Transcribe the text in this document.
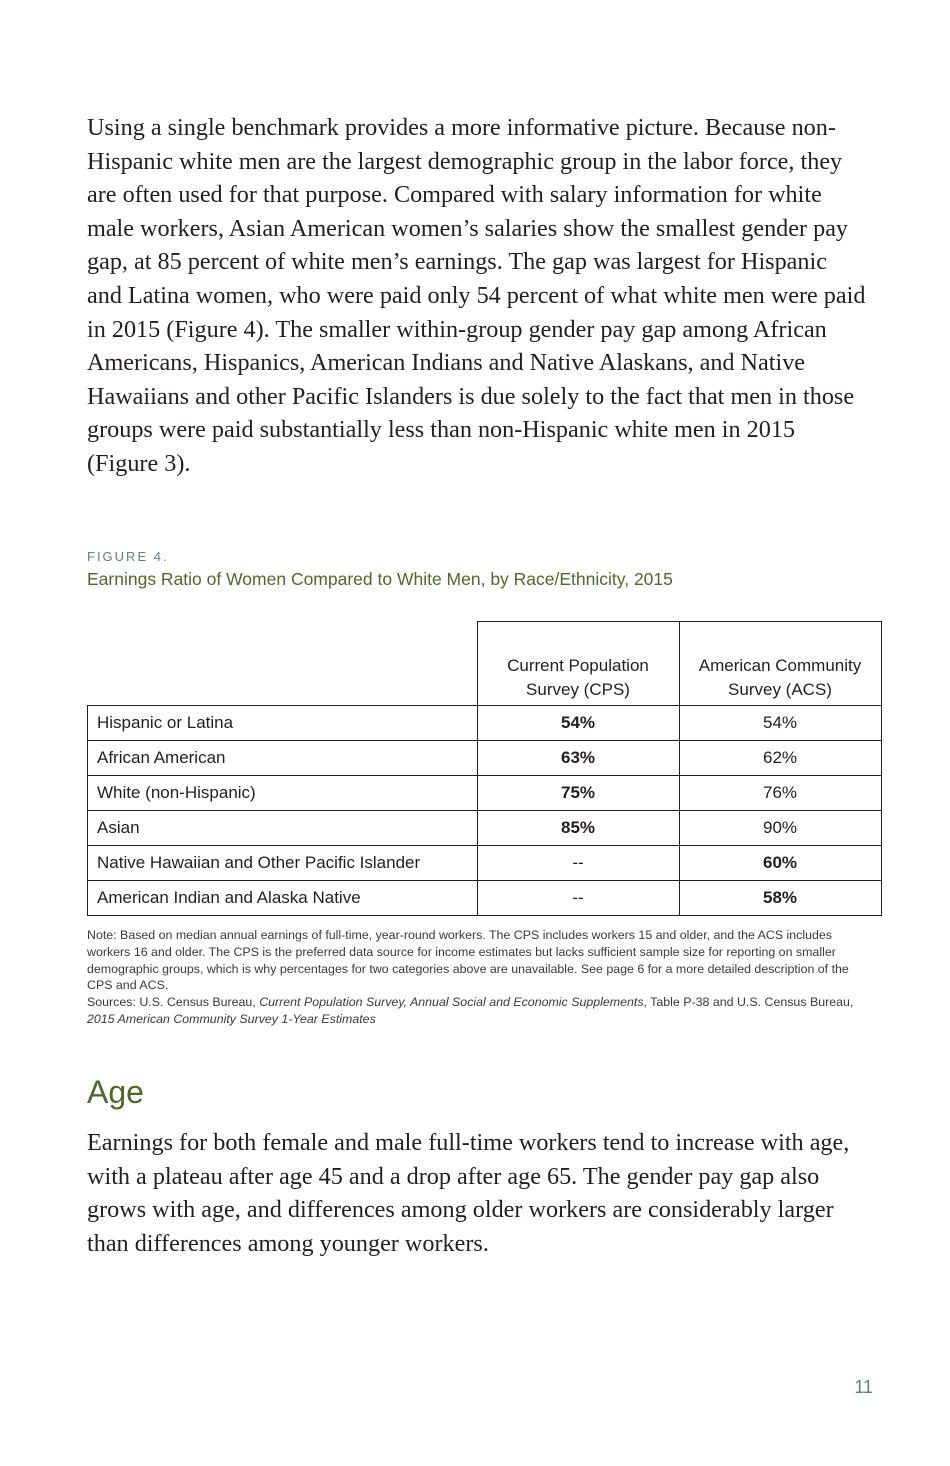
Using a single benchmark provides a more informative picture. Because non-Hispanic white men are the largest demographic group in the labor force, they are often used for that purpose. Compared with salary information for white male workers, Asian American women’s salaries show the smallest gender pay gap, at 85 percent of white men’s earnings. The gap was largest for Hispanic and Latina women, who were paid only 54 percent of what white men were paid in 2015 (Figure 4). The smaller within-group gender pay gap among African Americans, Hispanics, American Indians and Native Alaskans, and Native Hawaiians and other Pacific Islanders is due solely to the fact that men in those groups were paid substantially less than non-Hispanic white men in 2015 (Figure 3).

FIGURE 4.

Earnings Ratio of Women Compared to White Men, by Race/Ethnicity, 2015

	Current Population Survey (CPS)	American Community Survey (ACS)
Hispanic or Latina	54%	54%
African American	63%	62%
White (non-Hispanic)	75%	76%
Asian	85%	90%
Native Hawaiian and Other Pacific Islander	--	60%
American Indian and Alaska Native	--	58%
Note: Based on median annual earnings of full-time, year-round workers. The CPS includes workers 15 and older, and the ACS includes workers 16 and older. The CPS is the preferred data source for income estimates but lacks sufficient sample size for reporting on smaller demographic groups, which is why percentages for two categories above are unavailable. See page 6 for a more detailed description of the CPS and ACS.
Sources: U.S. Census Bureau, Current Population Survey, Annual Social and Economic Supplements, Table P-38 and U.S. Census Bureau, 2015 American Community Survey 1-Year Estimates
Age

Earnings for both female and male full-time workers tend to increase with age, with a plateau after age 45 and a drop after age 65. The gender pay gap also grows with age, and differences among older workers are considerably larger than differences among younger workers.

11
